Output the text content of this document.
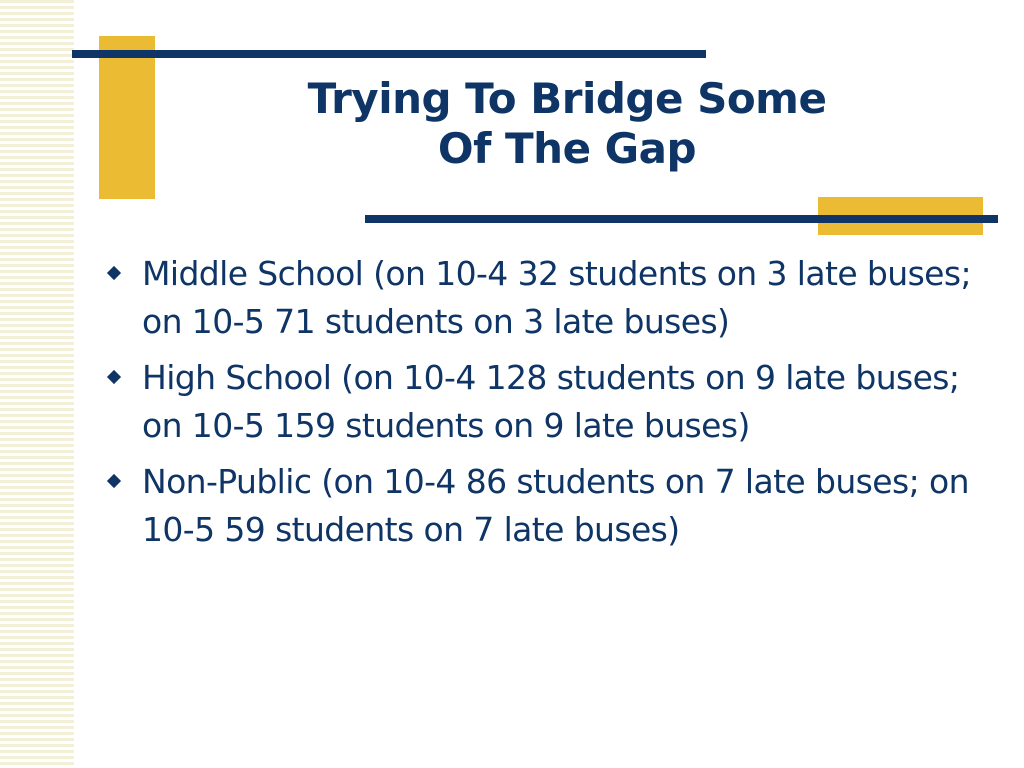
Trying To Bridge Some
Of The Gap
Middle School (on 10-4 32 students on 3 late buses; on 10-5 71 students on 3 late buses)
High School (on 10-4 128 students on 9 late buses; on 10-5 159 students on 9 late buses)
Non-Public (on 10-4 86 students on 7 late buses; on 10-5 59 students on 7 late buses)
